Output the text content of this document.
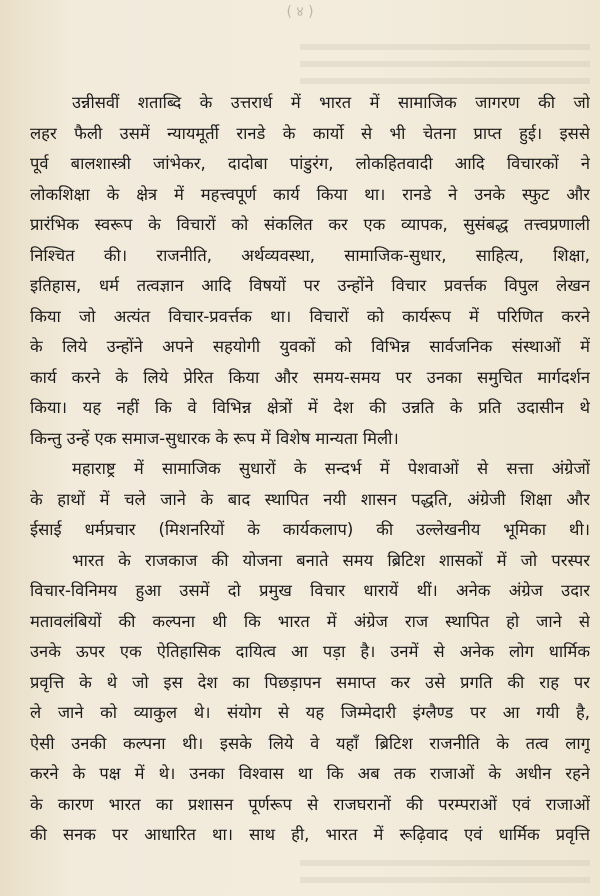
( ४ )
उन्नीसवीं शताब्दि के उत्तरार्ध में भारत में सामाजिक जागरण की जो
लहर फैली उसमें न्यायमूर्ती रानडे के कार्यो से भी चेतना प्राप्त हुई। इससे
पूर्व बालशास्त्री जांभेकर, दादोबा पांडुरंग, लोकहितवादी आदि विचारकों ने
लोकशिक्षा के क्षेत्र में महत्त्वपूर्ण कार्य किया था। रानडे ने उनके स्फुट और
प्रारंभिक स्वरूप के विचारों को संकलित कर एक व्यापक, सुसंबद्ध तत्त्वप्रणाली
निश्चित की। राजनीति, अर्थव्यवस्था, सामाजिक-सुधार, साहित्य, शिक्षा,
इतिहास, धर्म तत्वज्ञान आदि विषयों पर उन्होंने विचार प्रवर्त्तक विपुल लेखन
किया जो अत्यंत विचार-प्रवर्त्तक था। विचारों को कार्यरूप में परिणित करने
के लिये उन्होंने अपने सहयोगी युवकों को विभिन्न सार्वजनिक संस्थाओं में
कार्य करने के लिये प्रेरित किया और समय-समय पर उनका समुचित मार्गदर्शन
किया। यह नहीं कि वे विभिन्न क्षेत्रों में देश की उन्नति के प्रति उदासीन थे
किन्तु उन्हें एक समाज-सुधारक के रूप में विशेष मान्यता मिली।
महाराष्ट्र में सामाजिक सुधारों के सन्दर्भ में पेशवाओं से सत्ता अंग्रेजों
के हाथों में चले जाने के बाद स्थापित नयी शासन पद्धति, अंग्रेजी शिक्षा और
ईसाई धर्मप्रचार (मिशनरियों के कार्यकलाप) की उल्लेखनीय भूमिका थी।
भारत के राजकाज की योजना बनाते समय ब्रिटिश शासकों में जो परस्पर
विचार-विनिमय हुआ उसमें दो प्रमुख विचार धारायें थीं। अनेक अंग्रेज उदार
मतावलंबियों की कल्पना थी कि भारत में अंग्रेज राज स्थापित हो जाने से
उनके ऊपर एक ऐतिहासिक दायित्व आ पड़ा है। उनमें से अनेक लोग धार्मिक
प्रवृत्ति के थे जो इस देश का पिछड़ापन समाप्त कर उसे प्रगति की राह पर
ले जाने को व्याकुल थे। संयोग से यह जिम्मेदारी इंग्लैण्ड पर आ गयी है,
ऐसी उनकी कल्पना थी। इसके लिये वे यहाँ ब्रिटिश राजनीति के तत्व लागू
करने के पक्ष में थे। उनका विश्वास था कि अब तक राजाओं के अधीन रहने
के कारण भारत का प्रशासन पूर्णरूप से राजघरानों की परम्पराओं एवं राजाओं
की सनक पर आधारित था। साथ ही, भारत में रूढ़िवाद एवं धार्मिक प्रवृत्ति
